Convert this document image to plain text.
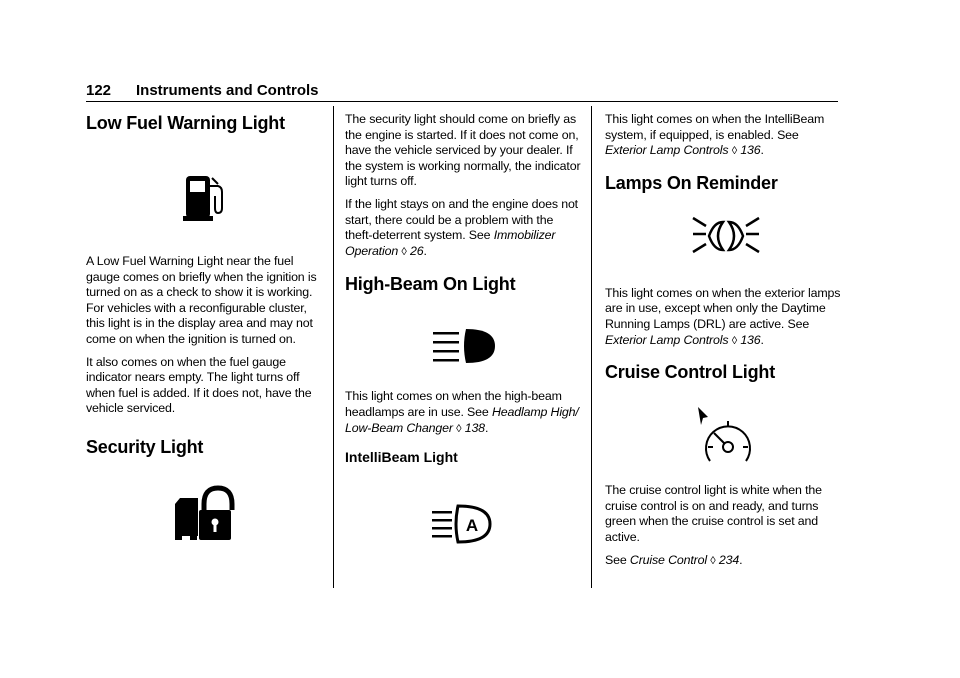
122 Instruments and Controls
Low Fuel Warning Light

A Low Fuel Warning Light near the fuel gauge comes on briefly when the ignition is turned on as a check to show it is working. For vehicles with a reconfigurable cluster, this light is in the display area and may not come on when the ignition is turned on.

It also comes on when the fuel gauge indicator nears empty. The light turns off when fuel is added. If it does not, have the vehicle serviced.

Security Light

The security light should come on briefly as the engine is started. If it does not come on, have the vehicle serviced by your dealer. If the system is working normally, the indicator light turns off.

If the light stays on and the engine does not start, there could be a problem with the theft-deterrent system. See Immobilizer Operation ◊ 26.

High-Beam On Light

This light comes on when the high-beam headlamps are in use. See Headlamp High/ Low-Beam Changer ◊ 138.

IntelliBeam Light
A

This light comes on when the IntelliBeam system, if equipped, is enabled. See Exterior Lamp Controls ◊ 136.

Lamps On Reminder

This light comes on when the exterior lamps are in use, except when only the Daytime Running Lamps (DRL) are active. See Exterior Lamp Controls ◊ 136.

Cruise Control Light

The cruise control light is white when the cruise control is on and ready, and turns green when the cruise control is set and active.

See Cruise Control ◊ 234.
